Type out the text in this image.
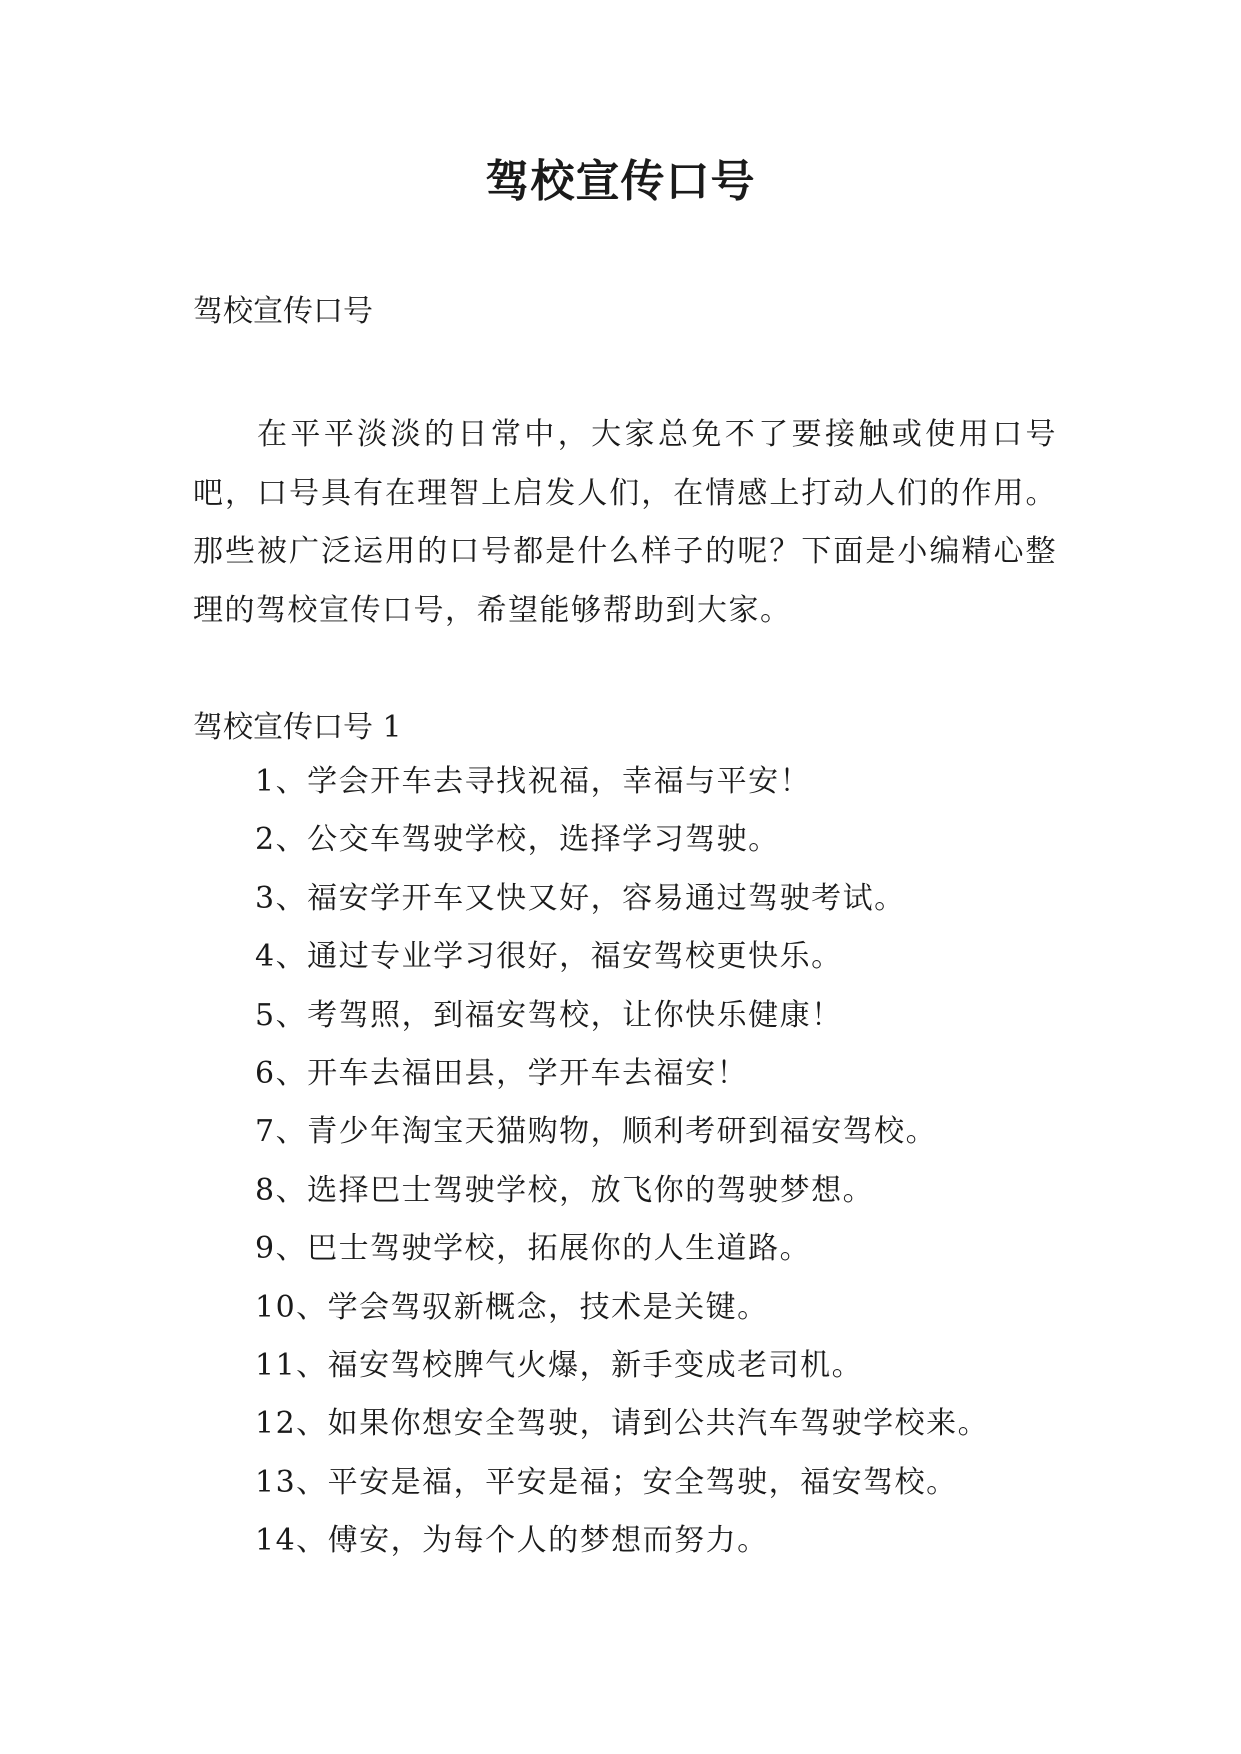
驾校宣传口号

驾校宣传口号

在平平淡淡的日常中，大家总免不了要接触或使用口号吧，口号具有在理智上启发人们，在情感上打动人们的作用。那些被广泛运用的口号都是什么样子的呢？下面是小编精心整理的驾校宣传口号，希望能够帮助到大家。

驾校宣传口号 1

1、学会开车去寻找祝福，幸福与平安！
2、公交车驾驶学校，选择学习驾驶。
3、福安学开车又快又好，容易通过驾驶考试。
4、通过专业学习很好，福安驾校更快乐。
5、考驾照，到福安驾校，让你快乐健康！
6、开车去福田县，学开车去福安！
7、青少年淘宝天猫购物，顺利考研到福安驾校。
8、选择巴士驾驶学校，放飞你的驾驶梦想。
9、巴士驾驶学校，拓展你的人生道路。
10、学会驾驭新概念，技术是关键。
11、福安驾校脾气火爆，新手变成老司机。
12、如果你想安全驾驶，请到公共汽车驾驶学校来。
13、平安是福，平安是福；安全驾驶，福安驾校。
14、傅安，为每个人的梦想而努力。
